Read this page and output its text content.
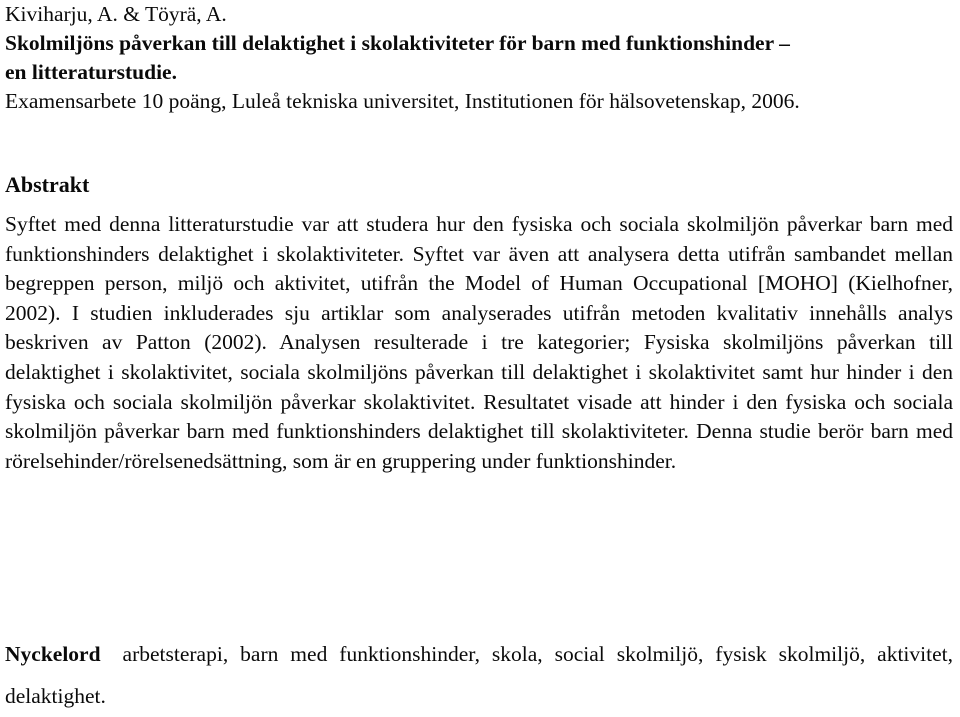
Kiviharju, A. & Töyrä, A.
Skolmiljöns påverkan till delaktighet i skolaktiviteter för barn med funktionshinder –
en litteraturstudie.
Examensarbete 10 poäng, Luleå tekniska universitet, Institutionen för hälsovetenskap, 2006.
Abstrakt
Syftet med denna litteraturstudie var att studera hur den fysiska och sociala skolmiljön påverkar barn med funktionshinders delaktighet i skolaktiviteter. Syftet var även att analysera detta utifrån sambandet mellan begreppen person, miljö och aktivitet, utifrån the Model of Human Occupational [MOHO] (Kielhofner, 2002). I studien inkluderades sju artiklar som analyserades utifrån metoden kvalitativ innehålls analys beskriven av Patton (2002). Analysen resulterade i tre kategorier; Fysiska skolmiljöns påverkan till delaktighet i skolaktivitet, sociala skolmiljöns påverkan till delaktighet i skolaktivitet samt hur hinder i den fysiska och sociala skolmiljön påverkar skolaktivitet. Resultatet visade att hinder i den fysiska och sociala skolmiljön påverkar barn med funktionshinders delaktighet till skolaktiviteter. Denna studie berör barn med rörelsehinder/rörelsenedsättning, som är en gruppering under funktionshinder.
Nyckelord arbetsterapi, barn med funktionshinder, skola, social skolmiljö, fysisk skolmiljö, aktivitet, delaktighet.
